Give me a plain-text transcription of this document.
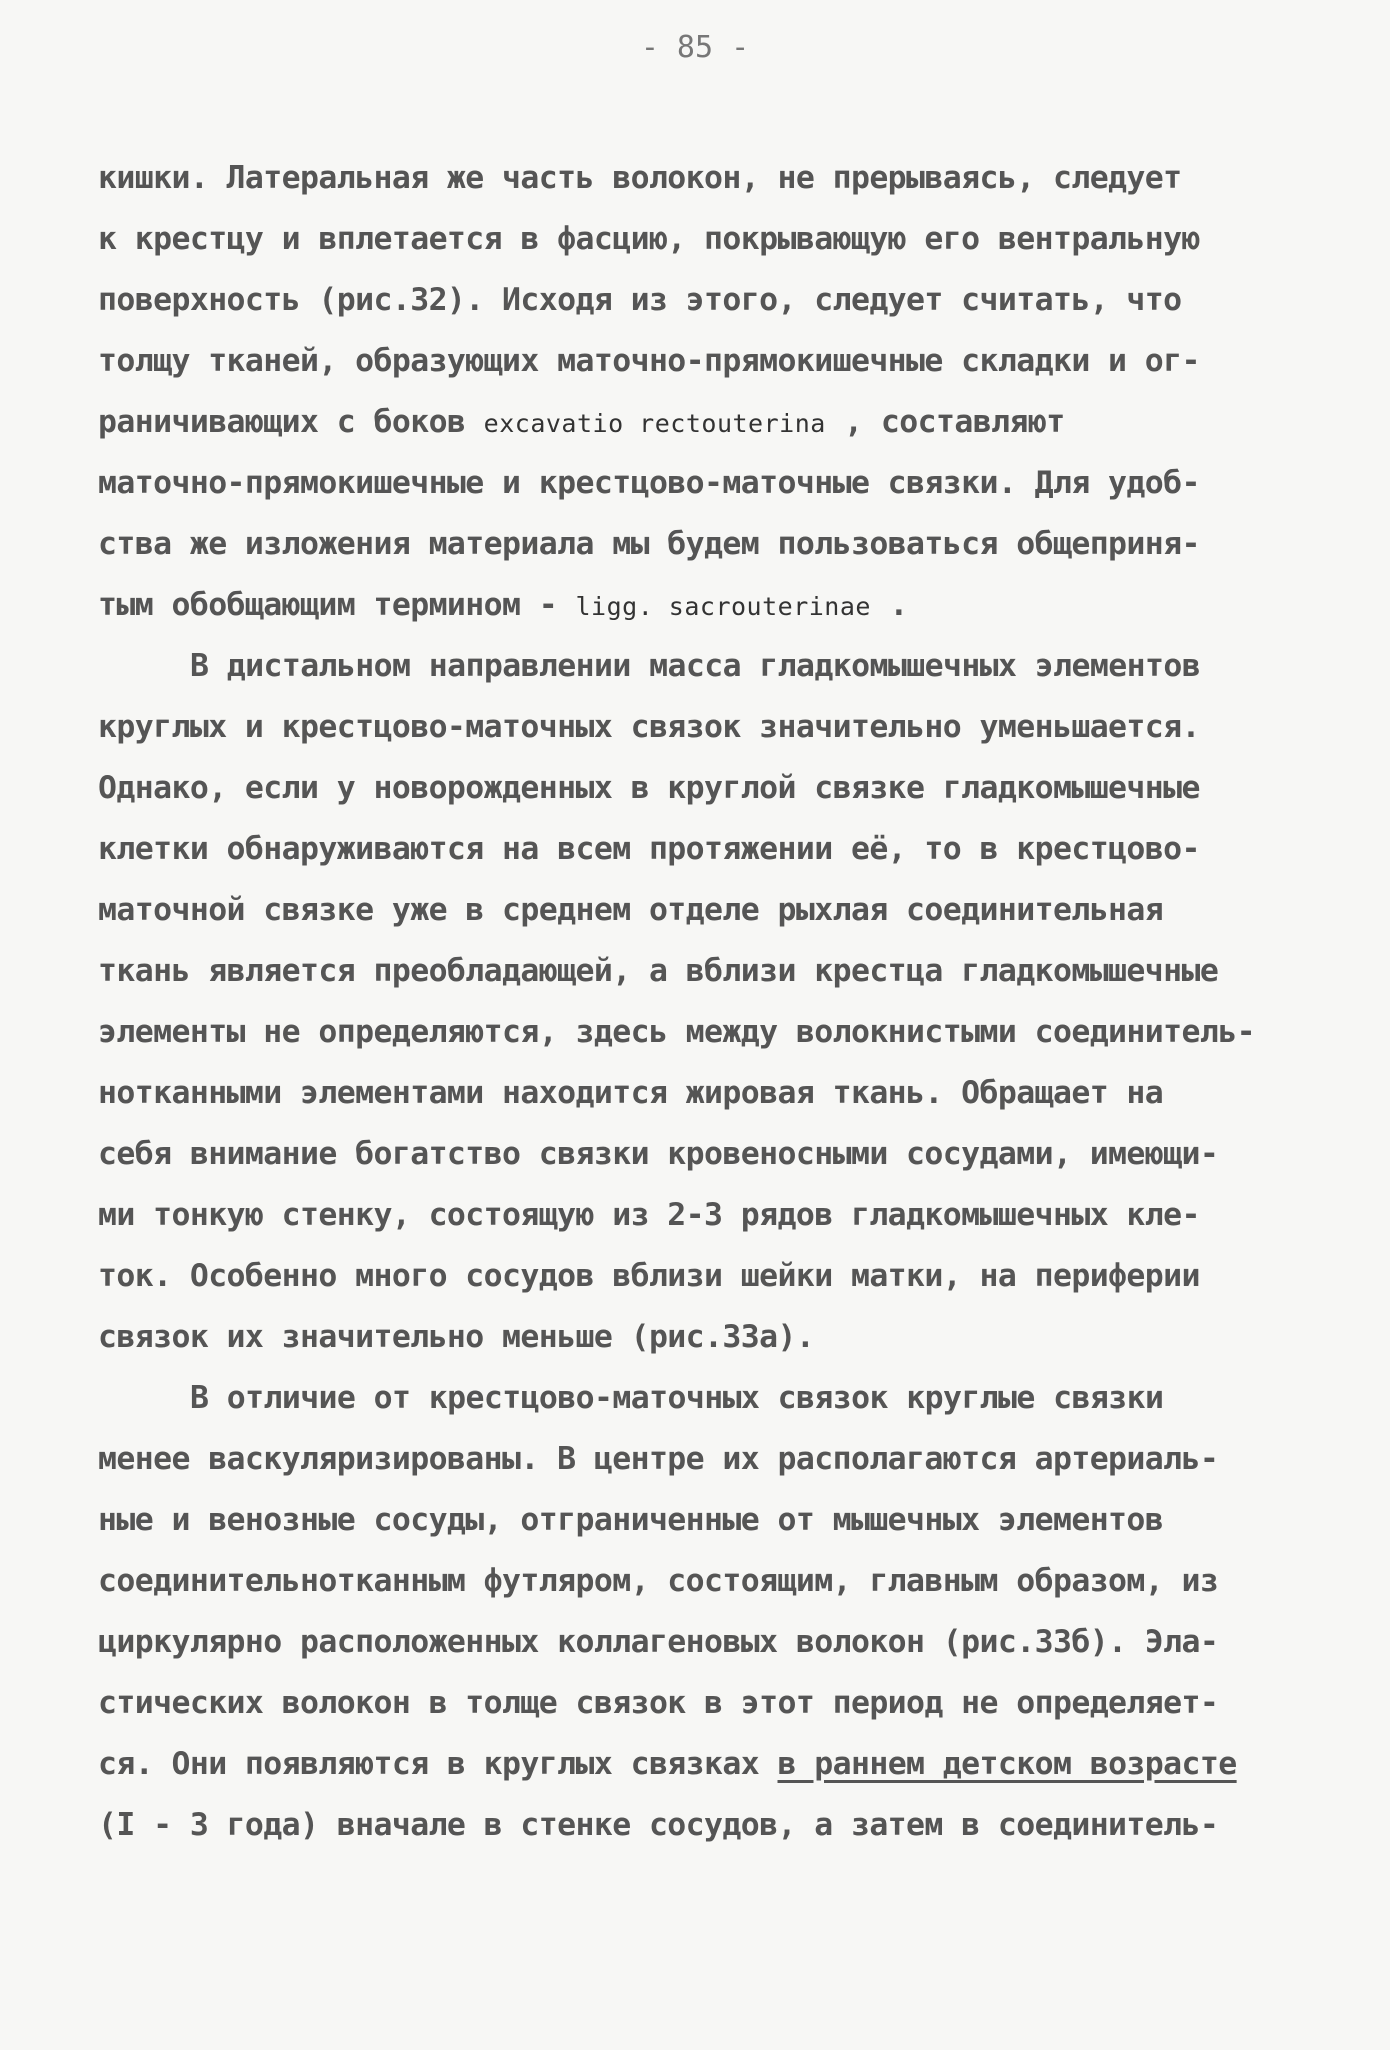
- 85 -
кишки. Латеральная же часть волокон, не прерываясь, следует
к крестцу и вплетается в фасцию, покрывающую его вентральную
поверхность (рис.32). Исходя из этого, следует считать, что
толщу тканей, образующих маточно-прямокишечные складки и ог-
раничивающих с боков excavatio rectouterina , составляют
маточно-прямокишечные и крестцово-маточные связки. Для удоб-
ства же изложения материала мы будем пользоваться общеприня-
тым обобщающим термином - ligg. sacrouterinae .
В дистальном направлении масса гладкомышечных элементов
круглых и крестцово-маточных связок значительно уменьшается.
Однако, если у новорожденных в круглой связке гладкомышечные
клетки обнаруживаются на всем протяжении её, то в крестцово-
маточной связке уже в среднем отделе рыхлая соединительная
ткань является преобладающей, а вблизи крестца гладкомышечные
элементы не определяются, здесь между волокнистыми соединитель-
нотканными элементами находится жировая ткань. Обращает на
себя внимание богатство связки кровеносными сосудами, имеющи-
ми тонкую стенку, состоящую из 2-3 рядов гладкомышечных кле-
ток. Особенно много сосудов вблизи шейки матки, на периферии
связок их значительно меньше (рис.33а).
В отличие от крестцово-маточных связок круглые связки
менее васкуляризированы. В центре их располагаются артериаль-
ные и венозные сосуды, отграниченные от мышечных элементов
соединительнотканным футляром, состоящим, главным образом, из
циркулярно расположенных коллагеновых волокон (рис.33б). Эла-
стических волокон в толще связок в этот период не определяет-
ся. Они появляются в круглых связках в раннем детском возрасте
(I - 3 года) вначале в стенке сосудов, а затем в соединитель-
